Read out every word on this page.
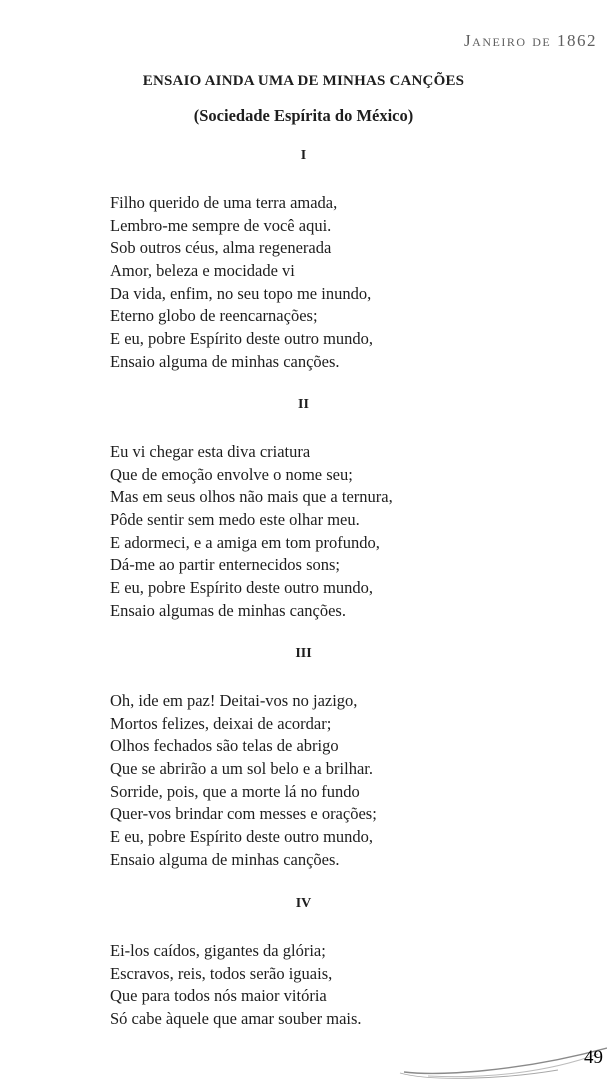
Janeiro de 1862
ENSAIO AINDA UMA DE MINHAS CANÇÕES
(Sociedade Espírita do México)
I
Filho querido de uma terra amada,
Lembro-me sempre de você aqui.
Sob outros céus, alma regenerada
Amor, beleza e mocidade vi
Da vida, enfim, no seu topo me inundo,
Eterno globo de reencarnações;
E eu, pobre Espírito deste outro mundo,
Ensaio alguma de minhas canções.
II
Eu vi chegar esta diva criatura
Que de emoção envolve o nome seu;
Mas em seus olhos não mais que a ternura,
Pôde sentir sem medo este olhar meu.
E adormeci, e a amiga em tom profundo,
Dá-me ao partir enternecidos sons;
E eu, pobre Espírito deste outro mundo,
Ensaio algumas de minhas canções.
III
Oh, ide em paz! Deitai-vos no jazigo,
Mortos felizes, deixai de acordar;
Olhos fechados são telas de abrigo
Que se abrirão a um sol belo e a brilhar.
Sorride, pois, que a morte lá no fundo
Quer-vos brindar com messes e orações;
E eu, pobre Espírito deste outro mundo,
Ensaio alguma de minhas canções.
IV
Ei-los caídos, gigantes da glória;
Escravos, reis, todos serão iguais,
Que para todos nós maior vitória
Só cabe àquele que amar souber mais.
49
